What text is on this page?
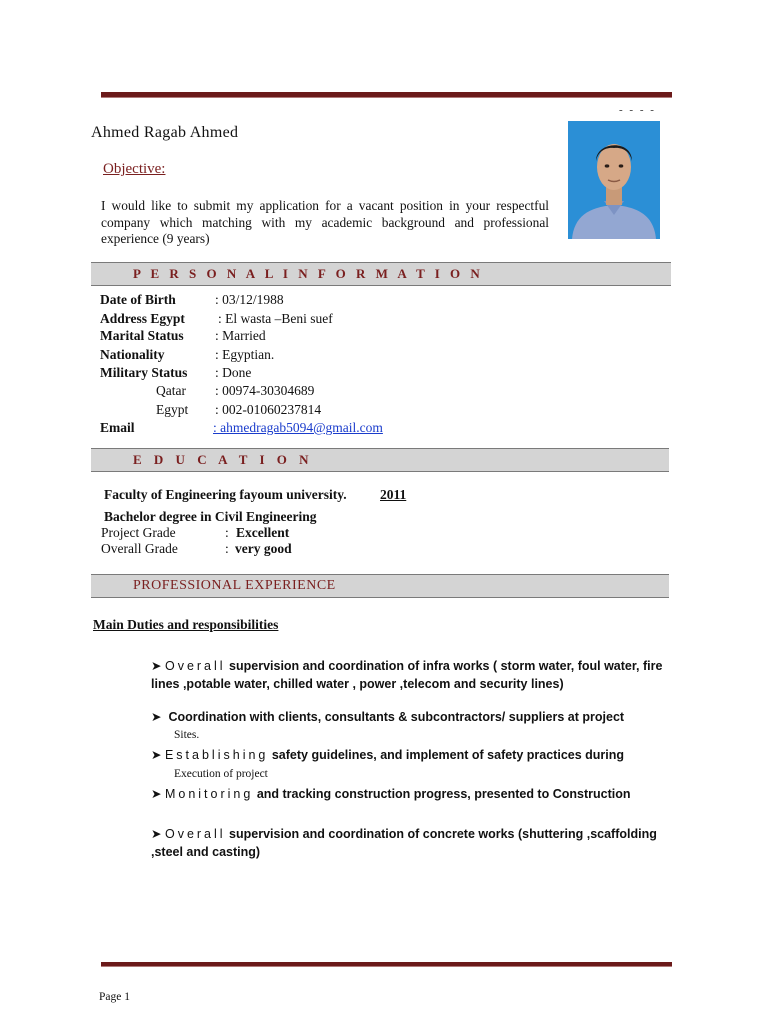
- - - -
Ahmed Ragab Ahmed
Objective:
I would like to submit my application for a vacant position in your respectful company which matching with my academic background and professional experience (9 years)
P E R S O N A L I N F O R M A T I O N
Date of Birth	: 03/12/1988
Address Egypt : El wasta –Beni suef
Marital Status : Married
Nationality	: Egyptian.
Military Status : Done
Qatar : 00974-30304689
Egypt : 002-01060237814
Email	: ahmedragab5094@gmail.com
E D U C A T I O N
Faculty of Engineering fayoum university. 2011
Bachelor degree in Civil Engineering
Project Grade	: Excellent
Overall Grade	: very good
PROFESSIONAL EXPERIENCE
Main Duties and responsibilities
➤ Overall supervision and coordination of infra works ( storm water, foul water, fire lines ,potable water, chilled water , power ,telecom and security lines)
➤ Coordination with clients, consultants & subcontractors/ suppliers at project
Sites.
➤ Establishing safety guidelines, and implement of safety practices during
Execution of project
➤ Monitoring and tracking construction progress, presented to Construction
➤ Overall supervision and coordination of concrete works (shuttering ,scaffolding ,steel and casting)
Page 1
